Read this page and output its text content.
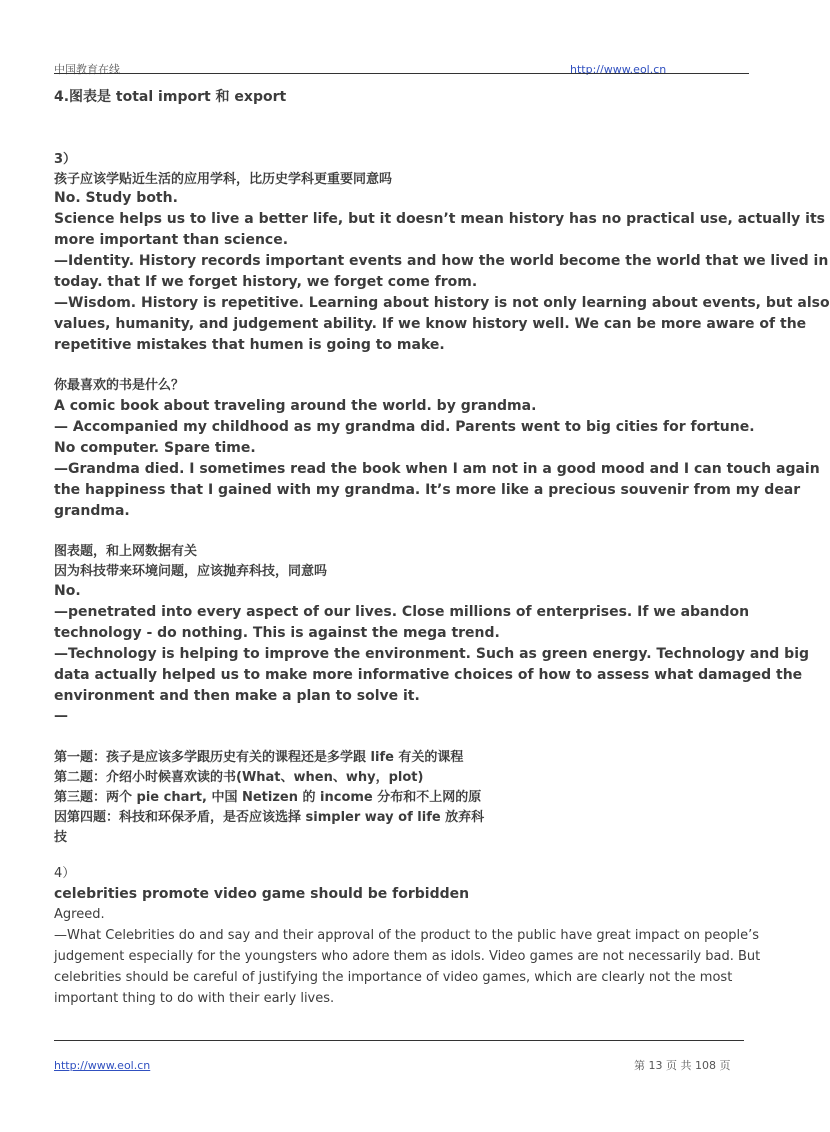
中国教育在线	http://www.eol.cn
4.图表是 total import 和 export
3）
孩子应该学贴近生活的应用学科，比历史学科更重要同意吗
No. Study both.
Science helps us to live a better life, but it doesn’t mean history has no practical use, actually its
more important than science.
—Identity. History records important events and how the world become the world that we lived in
today. that If we forget history, we forget come from.
—Wisdom. History is repetitive. Learning about history is not only learning about events, but also
values, humanity, and judgement ability. If we know history well. We can be more aware of the
repetitive mistakes that humen is going to make.
你最喜欢的书是什么？
A comic book about traveling around the world. by grandma.
— Accompanied my childhood as my grandma did. Parents went to big cities for fortune.
No computer. Spare time.
—Grandma died. I sometimes read the book when I am not in a good mood and I can touch again
the happiness that I gained with my grandma. It’s more like a precious souvenir from my dear
grandma.
图表题，和上网数据有关
因为科技带来环境问题，应该抛弃科技，同意吗
No.
—penetrated into every aspect of our lives. Close millions of enterprises. If we abandon
technology - do nothing. This is against the mega trend.
—Technology is helping to improve the environment. Such as green energy. Technology and big
data actually helped us to make more informative choices of how to assess what damaged the
environment and then make a plan to solve it.
—
第一题：孩子是应该多学跟历史有关的课程还是多学跟 life 有关的课程
第二题：介绍小时候喜欢读的书(What、when、why，plot)
第三题：两个 pie chart, 中国 Netizen 的 income 分布和不上网的原
因第四题：科技和环保矛盾，是否应该选择 simpler way of life 放弃科
技
4）
celebrities promote video game should be forbidden
Agreed.
—What Celebrities do and say and their approval of the product to the public have great impact on people’s
judgement especially for the youngsters who adore them as idols. Video games are not necessarily bad. But
celebrities should be careful of justifying the importance of video games, which are clearly not the most
important thing to do with their early lives.
http://www.eol.cn	第 13 页 共 108 页
